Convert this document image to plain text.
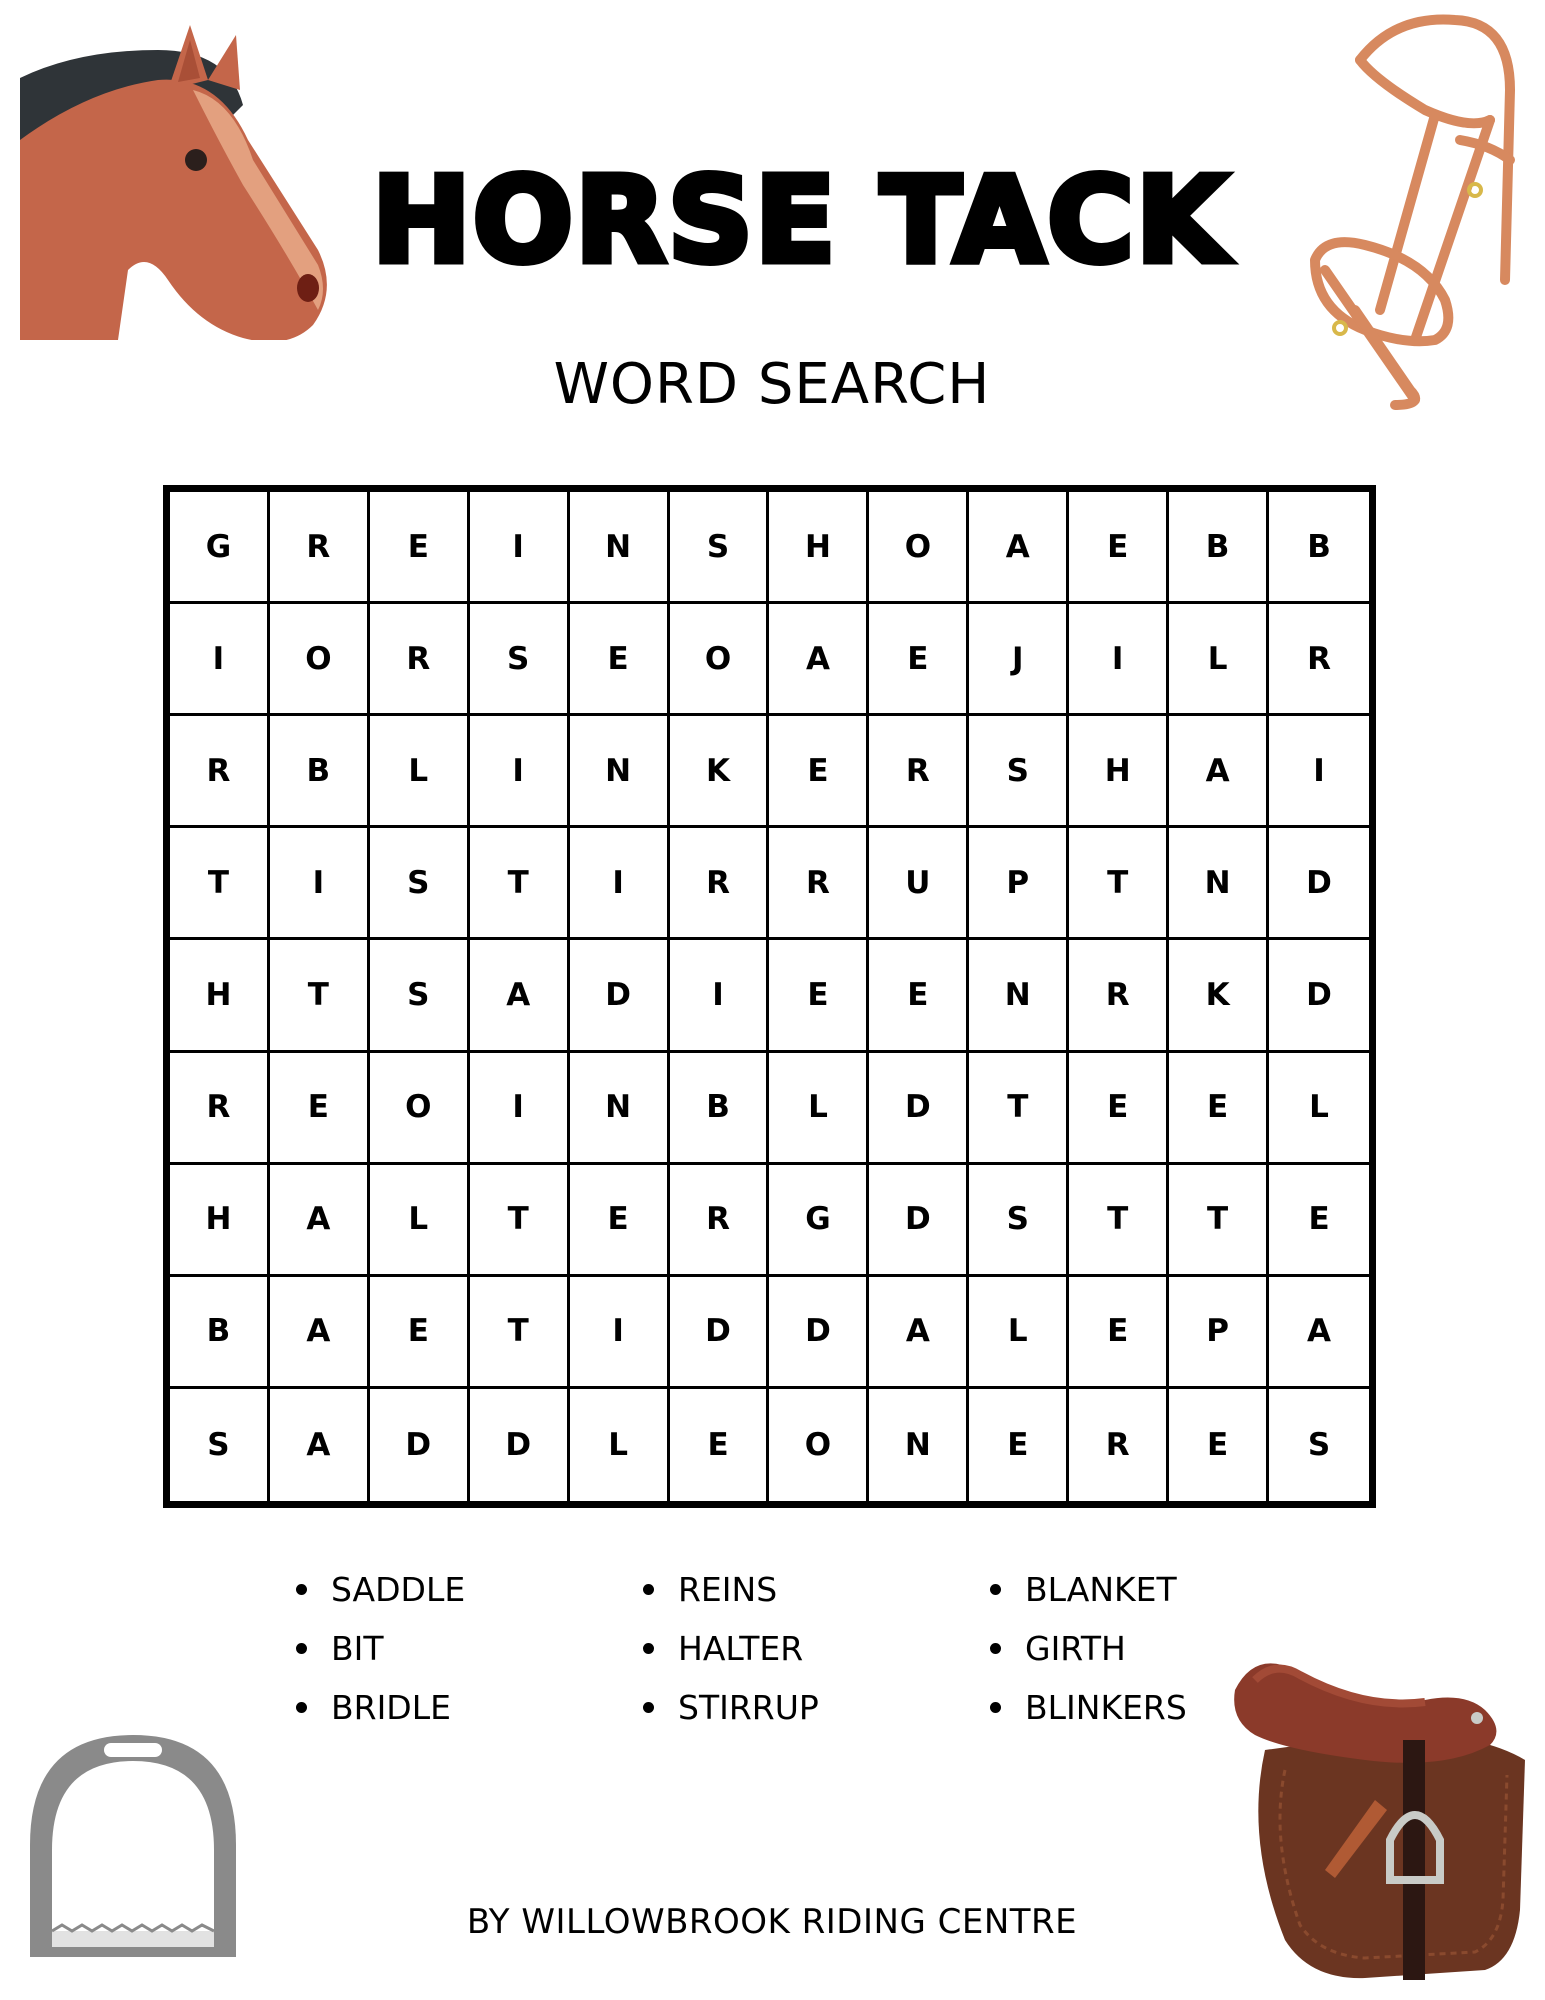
HORSE TACK
WORD SEARCH
G	R	E	I	N	S	H	O	A	E	B	B
I	O	R	S	E	O	A	E	J	I	L	R
R	B	L	I	N	K	E	R	S	H	A	I
T	I	S	T	I	R	R	U	P	T	N	D
H	T	S	A	D	I	E	E	N	R	K	D
R	E	O	I	N	B	L	D	T	E	E	L
H	A	L	T	E	R	G	D	S	T	T	E
B	A	E	T	I	D	D	A	L	E	P	A
S	A	D	D	L	E	O	N	E	R	E	S
SADDLE	REINS	BLANKET
BIT	HALTER	GIRTH
BRIDLE	STIRRUP	BLINKERS

BY WILLOWBROOK RIDING CENTRE
